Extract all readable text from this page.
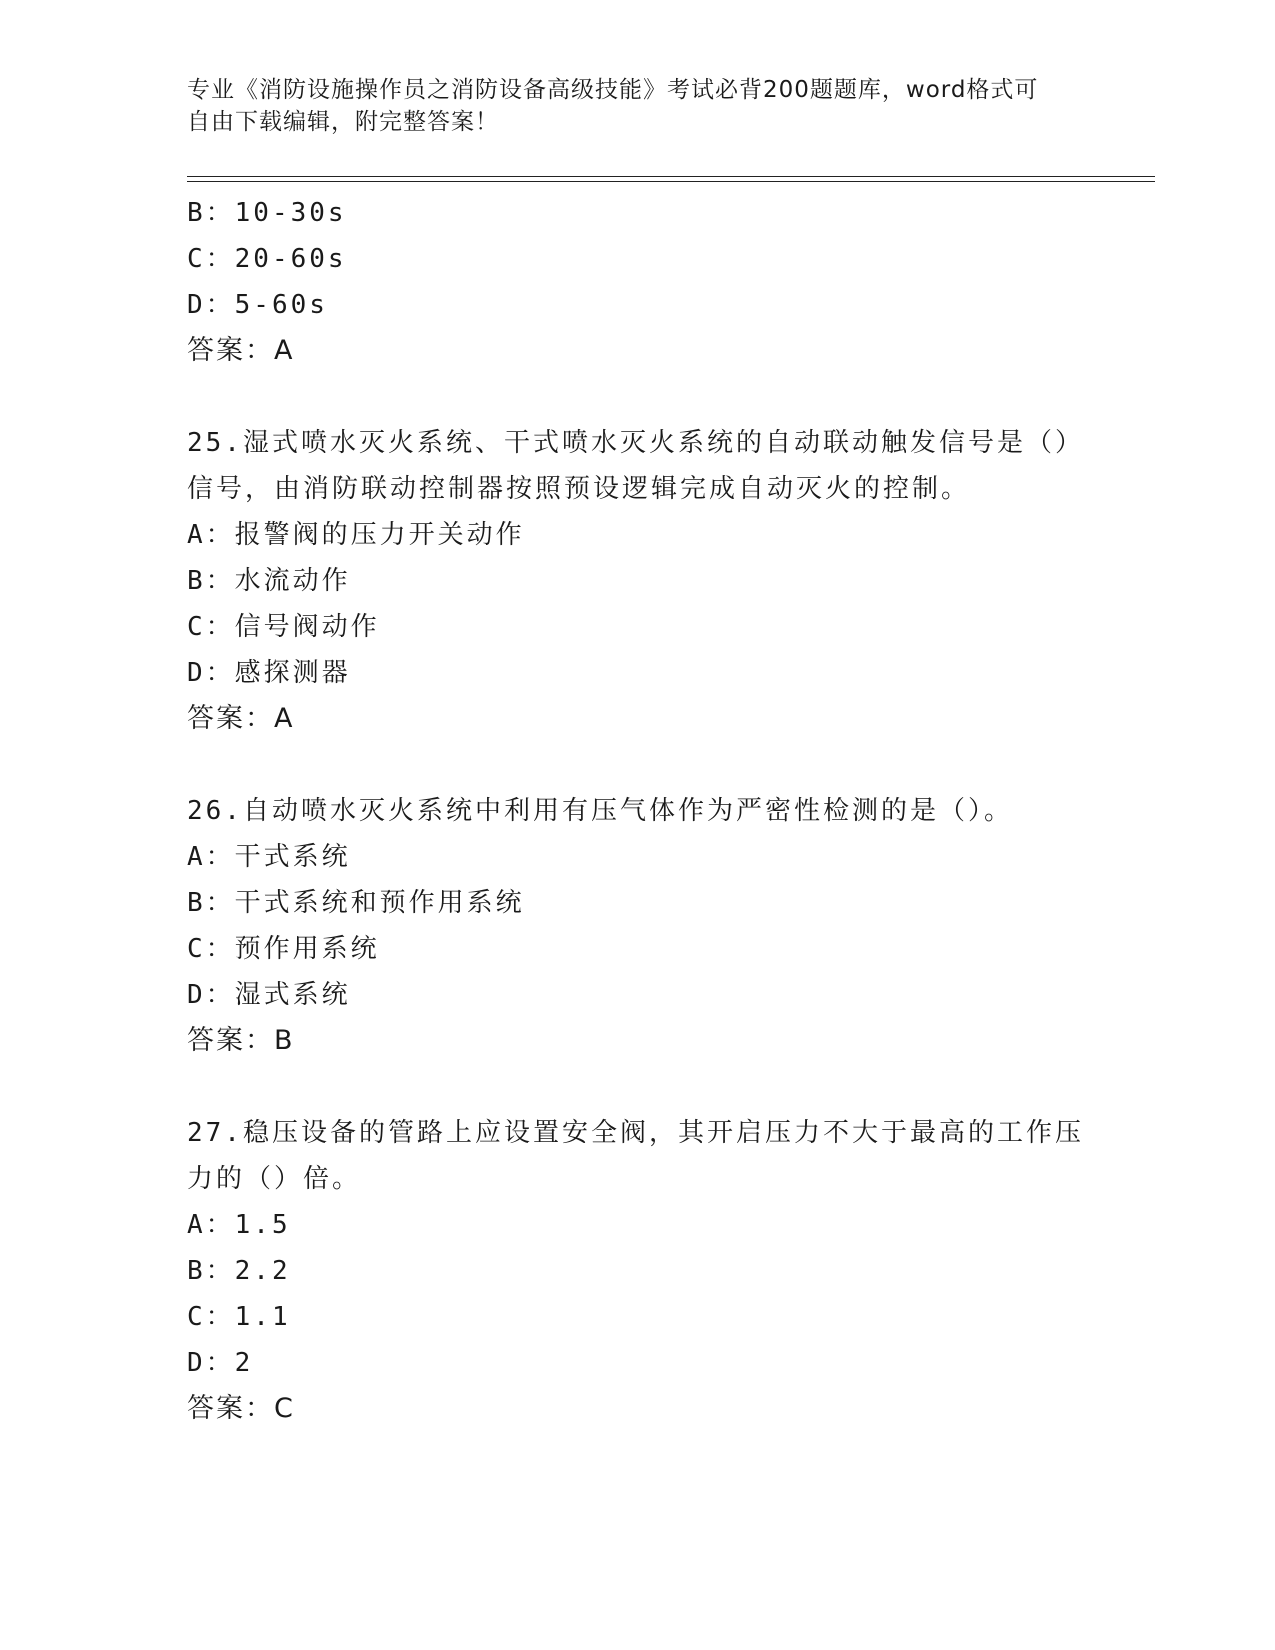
专业《消防设施操作员之消防设备高级技能》考试必背200题题库，word格式可
自由下载编辑，附完整答案！
B：10-30s
C：20-60s
D：5-60s
答案：A
25.湿式喷水灭火系统、干式喷水灭火系统的自动联动触发信号是（）
信号，由消防联动控制器按照预设逻辑完成自动灭火的控制。
A：报警阀的压力开关动作
B：水流动作
C：信号阀动作
D：感探测器
答案：A
26.自动喷水灭火系统中利用有压气体作为严密性检测的是（）。
A：干式系统
B：干式系统和预作用系统
C：预作用系统
D：湿式系统
答案：B
27.稳压设备的管路上应设置安全阀，其开启压力不大于最高的工作压
力的（）倍。
A：1.5
B：2.2
C：1.1
D：2
答案：C
